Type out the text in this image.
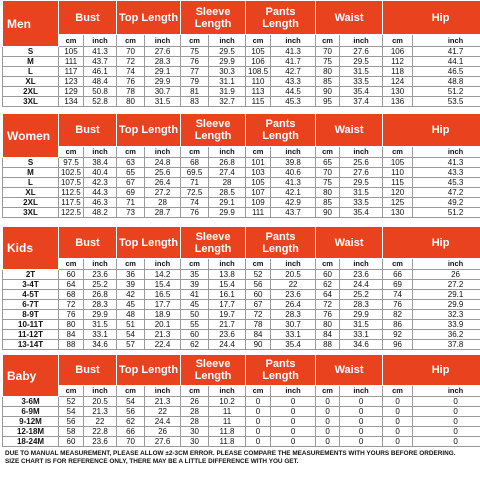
Men	Bust		Top Length		Sleeve Length		Pants Length		Waist		Hip	
	cm	inch	cm	inch	cm	inch	cm	inch	cm	inch	cm	inch
S	105	41.3	70	27.6	75	29.5	105	41.3	70	27.6	106	41.7
M	111	43.7	72	28.3	76	29.9	106	41.7	75	29.5	112	44.1
L	117	46.1	74	29.1	77	30.3	108.5	42.7	80	31.5	118	46.5
XL	123	48.4	76	29.9	79	31.1	110	43.3	85	33.5	124	48.8
2XL	129	50.8	78	30.7	81	31.9	113	44.5	90	35.4	130	51.2
3XL	134	52.8	80	31.5	83	32.7	115	45.3	95	37.4	136	53.5
Women	Bust		Top Length		Sleeve Length		Pants Length		Waist		Hip	
	cm	inch	cm	inch	cm	inch	cm	inch	cm	inch	cm	inch
S	97.5	38.4	63	24.8	68	26.8	101	39.8	65	25.6	105	41.3
M	102.5	40.4	65	25.6	69.5	27.4	103	40.6	70	27.6	110	43.3
L	107.5	42.3	67	26.4	71	28	105	41.3	75	29.5	115	45.3
XL	112.5	44.3	69	27.2	72.5	28.5	107	42.1	80	31.5	120	47.2
2XL	117.5	46.3	71	28	74	29.1	109	42.9	85	33.5	125	49.2
3XL	122.5	48.2	73	28.7	76	29.9	111	43.7	90	35.4	130	51.2
Kids	Bust		Top Length		Sleeve Length		Pants Length		Waist		Hip	
	cm	inch	cm	inch	cm	inch	cm	inch	cm	inch	cm	inch
2T	60	23.6	36	14.2	35	13.8	52	20.5	60	23.6	66	26
3-4T	64	25.2	39	15.4	39	15.4	56	22	62	24.4	69	27.2
4-5T	68	26.8	42	16.5	41	16.1	60	23.6	64	25.2	74	29.1
6-7T	72	28.3	45	17.7	45	17.7	67	26.4	72	28.3	76	29.9
8-9T	76	29.9	48	18.9	50	19.7	72	28.3	76	29.9	82	32.3
10-11T	80	31.5	51	20.1	55	21.7	78	30.7	80	31.5	86	33.9
11-12T	84	33.1	54	21.3	60	23.6	84	33.1	84	33.1	92	36.2
13-14T	88	34.6	57	22.4	62	24.4	90	35.4	88	34.6	96	37.8
Baby	Bust		Top Length		Sleeve Length		Pants Length		Waist		Hip	
	cm	inch	cm	inch	cm	inch	cm	inch	cm	inch	cm	inch
3-6M	52	20.5	54	21.3	26	10.2	0	0	0	0	0	0
6-9M	54	21.3	56	22	28	11	0	0	0	0	0	0
9-12M	56	22	62	24.4	28	11	0	0	0	0	0	0
12-18M	58	22.8	66	26	30	11.8	0	0	0	0	0	0
18-24M	60	23.6	70	27.6	30	11.8	0	0	0	0	0	0

DUE TO MANUAL MEASUREMENT, PLEASE ALLOW ±2-3CM ERROR. PLEASE COMPARE THE MEASUREMENTS WITH YOURS BEFORE ORDERING.

SIZE CHART IS FOR REFERENCE ONLY, THERE MAY BE A LITTLE DIFFERENCE WITH YOU GET.
